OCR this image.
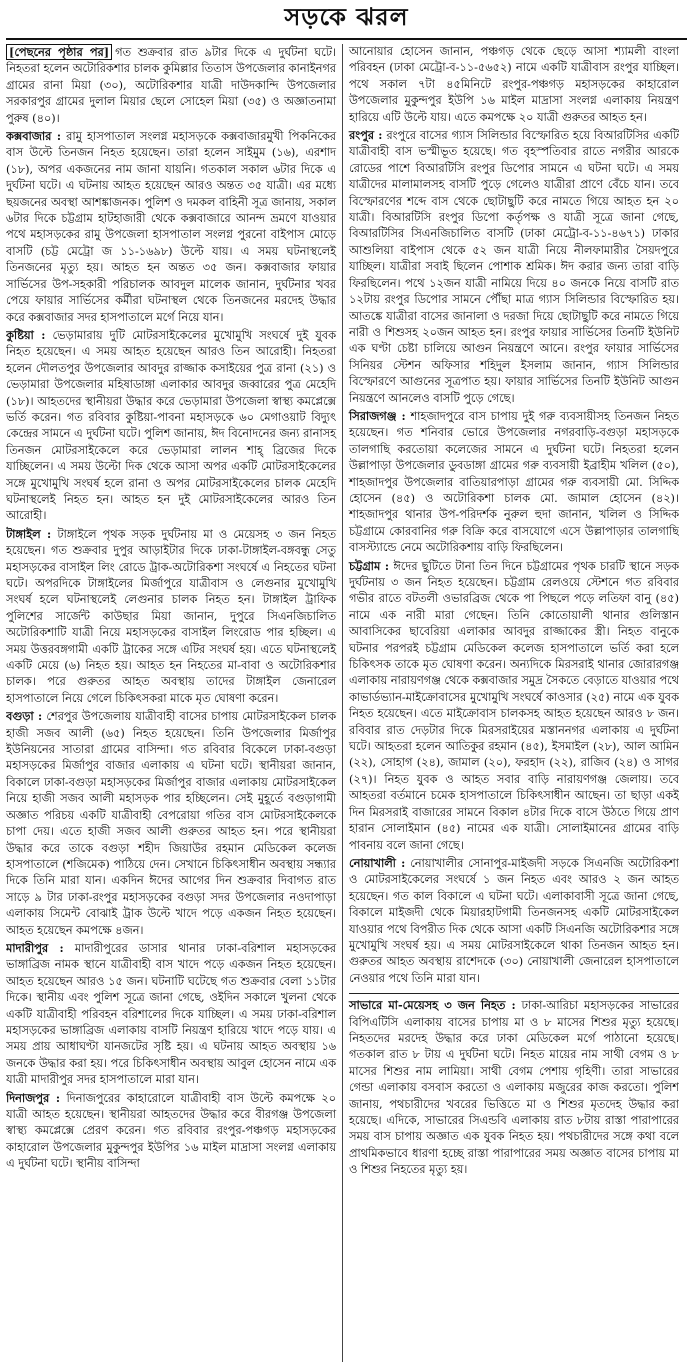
সড়কে ঝরল

[পেছনের পৃষ্ঠার পর] গত শুক্রবার রাত ৯টার দিকে এ দুর্ঘটনা ঘটে। নিহতরা হলেন অটোরিকশার চালক কুমিল্লার তিতাস উপজেলার কানাইনগর গ্রামের রানা মিয়া (৩০), অটোরিকশার যাত্রী দাউদকান্দি উপজেলার সরকারপুর গ্রামের দুলাল মিয়ার ছেলে সোহেল মিয়া (৩৫) ও অজ্ঞাতনামা পুরুষ (৪০)।

কক্সবাজার : রামু হাসপাতাল সংলগ্ন মহাসড়কে কক্সবাজারমুখী পিকনিকের বাস উল্টে তিনজন নিহত হয়েছেন। তারা হলেন সাইমুম (১৬), এরশাদ (১৮), অপর একজনের নাম জানা যায়নি। গতকাল সকাল ৬টার দিকে এ দুর্ঘটনা ঘটে। এ ঘটনায় আহত হয়েছেন আরও অন্তত ৩৫ যাত্রী। এর মধ্যে ছয়জনের অবস্থা আশঙ্কাজনক। পুলিশ ও দমকল বাহিনী সূত্র জানায়, সকাল ৬টার দিকে চট্টগ্রাম হাটহাজারী থেকে কক্সবাজারে আনন্দ ভ্রমণে যাওয়ার পথে মহাসড়কের রামু উপজেলা হাসপাতাল সংলগ্ন পুরনো বাইপাস মোড়ে বাসটি (চট্ট মেট্রো জ ১১-১৬৯৮) উল্টে যায়। এ সময় ঘটনাস্থলেই তিনজনের মৃত্যু হয়। আহত হন অন্তত ৩৫ জন। কক্সবাজার ফায়ার সার্ভিসের উপ-সহকারী পরিচালক আবদুল মালেক জানান, দুর্ঘটনার খবর পেয়ে ফায়ার সার্ভিসের কর্মীরা ঘটনাস্থল থেকে তিনজনের মরদেহ উদ্ধার করে কক্সবাজার সদর হাসপাতালে মর্গে নিয়ে যান।

কুষ্টিয়া : ভেড়ামারায় দুটি মোটরসাইকেলের মুখোমুখি সংঘর্ষে দুই যুবক নিহত হয়েছেন। এ সময় আহত হয়েছেন আরও তিন আরোহী। নিহতরা হলেন দৌলতপুর উপজেলার আবদুর রাজ্জাক কসাইয়ের পুত্র রানা (২১) ও ভেড়ামারা উপজেলার মহিষাডাঙ্গা এলাকার আবদুর জব্বারের পুত্র মেহেদি (১৮)। আহতদের স্থানীয়রা উদ্ধার করে ভেড়ামারা উপজেলা স্বাস্থ্য কমপ্লেক্সে ভর্তি করেন। গত রবিবার কুষ্টিয়া-পাবনা মহাসড়কে ৬০ মেগাওয়াট বিদ্যুৎ কেন্দ্রের সামনে এ দুর্ঘটনা ঘটে। পুলিশ জানায়, ঈদ বিনোদনের জন্য রানাসহ তিনজন মোটরসাইকেলে করে ভেড়ামারা লালন শাহ্ ব্রিজের দিকে যাচ্ছিলেন। এ সময় উল্টো দিক থেকে আসা অপর একটি মোটরসাইকেলের সঙ্গে মুখোমুখি সংঘর্ষ হলে রানা ও অপর মোটরসাইকেলের চালক মেহেদি ঘটনাস্থলেই নিহত হন। আহত হন দুই মোটরসাইকেলের আরও তিন আরোহী।

টাঙ্গাইল : টাঙ্গাইলে পৃথক সড়ক দুর্ঘটনায় মা ও মেয়েসহ ৩ জন নিহত হয়েছেন। গত শুক্রবার দুপুর আড়াইটার দিকে ঢাকা-টাঙ্গাইল-বঙ্গবন্ধু সেতু মহাসড়কের বাসাইল লিং রোডে ট্রাক-অটোরিকশা সংঘর্ষে এ নিহতের ঘটনা ঘটে। অপরদিকে টাঙ্গাইলের মির্জাপুরে যাত্রীবাস ও লেগুনার মুখোমুখি সংঘর্ষ হলে ঘটনাস্থলেই লেগুনার চালক নিহত হন। টাঙ্গাইল ট্রাফিক পুলিশের সার্জেন্ট কাউছার মিয়া জানান, দুপুরে সিএনজিচালিত অটোরিকশাটি যাত্রী নিয়ে মহাসড়কের বাসাইল লিংরোড পার হচ্ছিল। এ সময় উত্তরবঙ্গগামী একটি ট্রাকের সঙ্গে এটির সংঘর্ষ হয়। এতে ঘটনাস্থলেই একটি মেয়ে (৬) নিহত হয়। আহত হন নিহতের মা-বাবা ও অটোরিকশার চালক। পরে গুরুতর আহত অবস্থায় তাদের টাঙ্গাইল জেনারেল হাসপাতালে নিয়ে গেলে চিকিৎসকরা মাকে মৃত ঘোষণা করেন।

বগুড়া : শেরপুর উপজেলায় যাত্রীবাহী বাসের চাপায় মোটরসাইকেল চালক হাজী সজব আলী (৬৫) নিহত হয়েছেন। তিনি উপজেলার মির্জাপুর ইউনিয়নের সাতারা গ্রামের বাসিন্দা। গত রবিবার বিকেলে ঢাকা-বগুড়া মহাসড়কের মির্জাপুর বাজার এলাকায় এ ঘটনা ঘটে। স্থানীয়রা জানান, বিকালে ঢাকা-বগুড়া মহাসড়কের মির্জাপুর বাজার এলাকায় মোটরসাইকেল নিয়ে হাজী সজব আলী মহাসড়ক পার হচ্ছিলেন। সেই মুহূর্তে বগুড়াগামী অজ্ঞাত পরিচয় একটি যাত্রীবাহী বেপরোয়া গতির বাস মোটরসাইকেলকে চাপা দেয়। এতে হাজী সজব আলী গুরুতর আহত হন। পরে স্থানীয়রা উদ্ধার করে তাকে বগুড়া শহীদ জিয়াউর রহমান মেডিকেল কলেজ হাসপাতালে (শজিমেক) পাঠিয়ে দেন। সেখানে চিকিৎসাধীন অবস্থায় সন্ধ্যার দিকে তিনি মারা যান। একদিন ঈদের আগের দিন শুক্রবার দিবাগত রাত সাড়ে ৯ টার ঢাকা-রংপুর মহাসড়কের বগুড়া সদর উপজেলার নওদাপাড়া এলাকায় সিমেন্ট বোঝাই ট্রাক উল্টে খাদে পড়ে একজন নিহত হয়েছেন। আহত হয়েছেন কমপক্ষে ৪জন।

মাদারীপুর : মাদারীপুরের ডাসার থানার ঢাকা-বরিশাল মহাসড়কের ভাঙ্গাব্রিজ নামক স্থানে যাত্রীবাহী বাস খাদে পড়ে একজন নিহত হয়েছেন। আহত হয়েছেন আরও ১৫ জন। ঘটনাটি ঘটেছে গত শুক্রবার বেলা ১১টার দিকে। স্থানীয় এবং পুলিশ সূত্রে জানা গেছে, ওইদিন সকালে খুলনা থেকে একটি যাত্রীবাহী পরিবহন বরিশালের দিকে যাচ্ছিল। এ সময় ঢাকা-বরিশাল মহাসড়কের ভাঙ্গাব্রিজ এলাকায় বাসটি নিয়ন্ত্রণ হারিয়ে খাদে পড়ে যায়। এ সময় প্রায় আধাঘণ্টা যানজটের সৃষ্টি হয়। এ ঘটনায় আহত অবস্থায় ১৬ জনকে উদ্ধার করা হয়। পরে চিকিৎসাধীন অবস্থায় আবুল হোসেন নামে এক যাত্রী মাদারীপুর সদর হাসপাতালে মারা যান।

দিনাজপুর : দিনাজপুরের কাহারোলে যাত্রীবাহী বাস উল্টে কমপক্ষে ২০ যাত্রী আহত হয়েছেন। স্থানীয়রা আহতদের উদ্ধার করে বীরগঞ্জ উপজেলা স্বাস্থ্য কমপ্লেক্সে প্রেরণ করেন। গত রবিবার রংপুর-পঞ্চগড় মহাসড়কের কাহারোল উপজেলার মুকুন্দপুর ইউপির ১৬ মাইল মাদ্রাসা সংলগ্ন এলাকায় এ দুর্ঘটনা ঘটে। স্থানীয় বাসিন্দা

আনোয়ার হোসেন জানান, পঞ্চগড় থেকে ছেড়ে আসা শ্যামলী বাংলা পরিবহন (ঢাকা মেট্রো-ব-১১-৫৬৫২) নামে একটি যাত্রীবাস রংপুর যাচ্ছিল। পথে সকাল ৭টা ৪৫মিনিটে রংপুর-পঞ্চগড় মহাসড়কের কাহারোল উপজেলার মুকুন্দপুর ইউপি ১৬ মাইল মাদ্রাসা সংলগ্ন এলাকায় নিয়ন্ত্রণ হারিয়ে এটি উল্টে যায়। এতে কমপক্ষে ২০ যাত্রী গুরুতর আহত হন।

রংপুর : রংপুরে বাসের গ্যাস সিলিন্ডার বিস্ফোরিত হয়ে বিআরটিসির একটি যাত্রীবাহী বাস ভস্মীভূত হয়েছে। গত বৃহস্পতিবার রাতে নগরীর আরকে রোডের পাশে বিআরটিসি রংপুর ডিপোর সামনে এ ঘটনা ঘটে। এ সময় যাত্রীদের মালামালসহ বাসটি পুড়ে গেলেও যাত্রীরা প্রাণে বেঁচে যান। তবে বিস্ফোরণের শব্দে বাস থেকে ছোটাছুটি করে নামতে গিয়ে আহত হন ২০ যাত্রী। বিআরটিসি রংপুর ডিপো কর্তৃপক্ষ ও যাত্রী সূত্রে জানা গেছে, বিআরটিসির সিএনজিচালিত বাসটি (ঢাকা মেট্রো-ব-১১-৪৬৭১) ঢাকার আশুলিয়া বাইপাস থেকে ৫২ জন যাত্রী নিয়ে নীলফামারীর সৈয়দপুরে যাচ্ছিল। যাত্রীরা সবাই ছিলেন পোশাক শ্রমিক। ঈদ করার জন্য তারা বাড়ি ফিরছিলেন। পথে ১২জন যাত্রী নামিয়ে দিয়ে ৪০ জনকে নিয়ে বাসটি রাত ১২টায় রংপুর ডিপোর সামনে পৌঁছা মাত্র গ্যাস সিলিন্ডার বিস্ফোরিত হয়। আতঙ্কে যাত্রীরা বাসের জানালা ও দরজা দিয়ে ছোটাছুটি করে নামতে গিয়ে নারী ও শিশুসহ ২০জন আহত হন। রংপুর ফায়ার সার্ভিসের তিনটি ইউনিট এক ঘণ্টা চেষ্টা চালিয়ে আগুন নিয়ন্ত্রণে আনে। রংপুর ফায়ার সার্ভিসের সিনিয়র স্টেশন অফিসার শহিদুল ইসলাম জানান, গ্যাস সিলিন্ডার বিস্ফোরণে আগুনের সূত্রপাত হয়। ফায়ার সার্ভিসের তিনটি ইউনিট আগুন নিয়ন্ত্রণে আনলেও বাসটি পুড়ে গেছে।

সিরাজগঞ্জ : শাহজাদপুরে বাস চাপায় দুই গরু ব্যবসায়ীসহ তিনজন নিহত হয়েছেন। গত শনিবার ভোরে উপজেলার নগরবাড়ি-বগুড়া মহাসড়কে তালগাছি করতোয়া কলেজের সামনে এ দুর্ঘটনা ঘটে। নিহতরা হলেন উল্লাপাড়া উপজেলার ডুবডাঙ্গা গ্রামের গরু ব্যবসায়ী ইব্রাহীম খলিল (৫০), শাহজাদপুর উপজেলার বাতিয়ারপাড়া গ্রামের গরু ব্যবসায়ী মো. সিদ্দিক হোসেন (৪৫) ও অটোরিকশা চালক মো. জামাল হোসেন (৪২)। শাহজাদপুর থানার উপ-পরিদর্শক নুরুল হুদা জানান, খলিল ও সিদ্দিক চট্টগ্রামে কোরবানির গরু বিক্রি করে বাসযোগে এসে উল্লাপাড়ার তালগাছি বাসস্ট্যান্ডে নেমে অটোরিকশায় বাড়ি ফিরছিলেন।

চট্টগ্রাম : ঈদের ছুটিতে টানা তিন দিনে চট্টগ্রামের পৃথক চারটি স্থানে সড়ক দুর্ঘটনায় ৩ জন নিহত হয়েছেন। চট্টগ্রাম রেলওয়ে স্টেশনে গত রবিবার গভীর রাতে বটতলী ওভারব্রিজ থেকে পা পিছলে পড়ে লতিফা বানু (৪৫) নামে এক নারী মারা গেছেন। তিনি কোতোয়ালী থানার গুলিস্তান আবাসিকের ছাবেরিয়া এলাকার আবদুর রাজ্জাকের স্ত্রী। নিহত বানুকে ঘটনার পরপরই চট্টগ্রাম মেডিকেল কলেজ হাসপাতালে ভর্তি করা হলে চিকিৎসক তাকে মৃত ঘোষণা করেন। অন্যদিকে মিরসরাই থানার জোরারগঞ্জ এলাকায় নারায়ণগঞ্জ থেকে কক্সবাজার সমুদ্র সৈকতে বেড়াতে যাওয়ার পথে কাভার্ডভ্যান-মাইক্রোবাসের মুখোমুখি সংঘর্ষে কাওসার (২৫) নামে এক যুবক নিহত হয়েছেন। এতে মাইক্রোবাস চালকসহ আহত হয়েছেন আরও ৮ জন। রবিবার রাত দেড়টার দিকে মিরসরাইয়ের মস্তাননগর এলাকায় এ দুর্ঘটনা ঘটে। আহতরা হলেন আতিকুর রহমান (৪৫), ইসমাইল (২৮), আল আমিন (২২), সোহাগ (২৪), জামাল (২০), ফরহাদ (২২), রাজিব (২৪) ও সাগর (২৭)। নিহত যুবক ও আহত সবার বাড়ি নারায়ণগঞ্জ জেলায়। তবে আহতরা বর্তমানে চমেক হাসপাতালে চিকিৎসাধীন আছেন। তা ছাড়া একই দিন মিরসরাই বাজারের সামনে বিকাল ৪টার দিকে বাসে উঠতে গিয়ে প্রাণ হারান সোলাইমান (৪৫) নামের এক যাত্রী। সোলাইমানের গ্রামের বাড়ি পাবনায় বলে জানা গেছে।

নোয়াখালী : নোয়াখালীর সোনাপুর-মাইজদী সড়কে সিএনজি অটোরিকশা ও মোটরসাইকেলের সংঘর্ষে ১ জন নিহত এবং আরও ২ জন আহত হয়েছেন। গত কাল বিকালে এ ঘটনা ঘটে। এলাকাবাসী সূত্রে জানা গেছে, বিকালে মাইজদী থেকে মিয়ারহাটগামী তিনজনসহ একটি মোটরসাইকেল যাওয়ার পথে বিপরীত দিক থেকে আসা একটি সিএনজি অটোরিকশার সঙ্গে মুখোমুখি সংঘর্ষ হয়। এ সময় মোটরসাইকেলে থাকা তিনজন আহত হন। গুরুতর আহত অবস্থায় রাশেদকে (৩০) নোয়াখালী জেনারেল হাসপাতালে নেওয়ার পথে তিনি মারা যান।

সাভারে মা-মেয়েসহ ৩ জন নিহত : ঢাকা-আরিচা মহাসড়কের সাভারের বিপিএটিসি এলাকায় বাসের চাপায় মা ও ৮ মাসের শিশুর মৃত্যু হয়েছে। নিহতদের মরদেহ উদ্ধার করে ঢাকা মেডিকেল মর্গে পাঠানো হয়েছে। গতকাল রাত ৮ টায় এ দুর্ঘটনা ঘটে। নিহত মায়ের নাম সাথী বেগম ও ৮ মাসের শিশুর নাম লামিয়া। সাথী বেগম পেশায় গৃহিণী। তারা সাভারের গেন্ডা এলাকায় বসবাস করতো ও এলাকায় মজুরের কাজ করতো। পুলিশ জানায়, পথচারীদের খবরের ভিত্তিতে মা ও শিশুর মৃতদেহ উদ্ধার করা হয়েছে। এদিকে, সাভারের সিএন্ডবি এলাকায় রাত ৮টায় রাস্তা পারাপারের সময় বাস চাপায় অজ্ঞাত এক যুবক নিহত হয়। পথচারীদের সঙ্গে কথা বলে প্রাথমিকভাবে ধারণা হচ্ছে রাস্তা পারাপারের সময় অজ্ঞাত বাসের চাপায় মা ও শিশুর নিহতের মৃত্যু হয়।
